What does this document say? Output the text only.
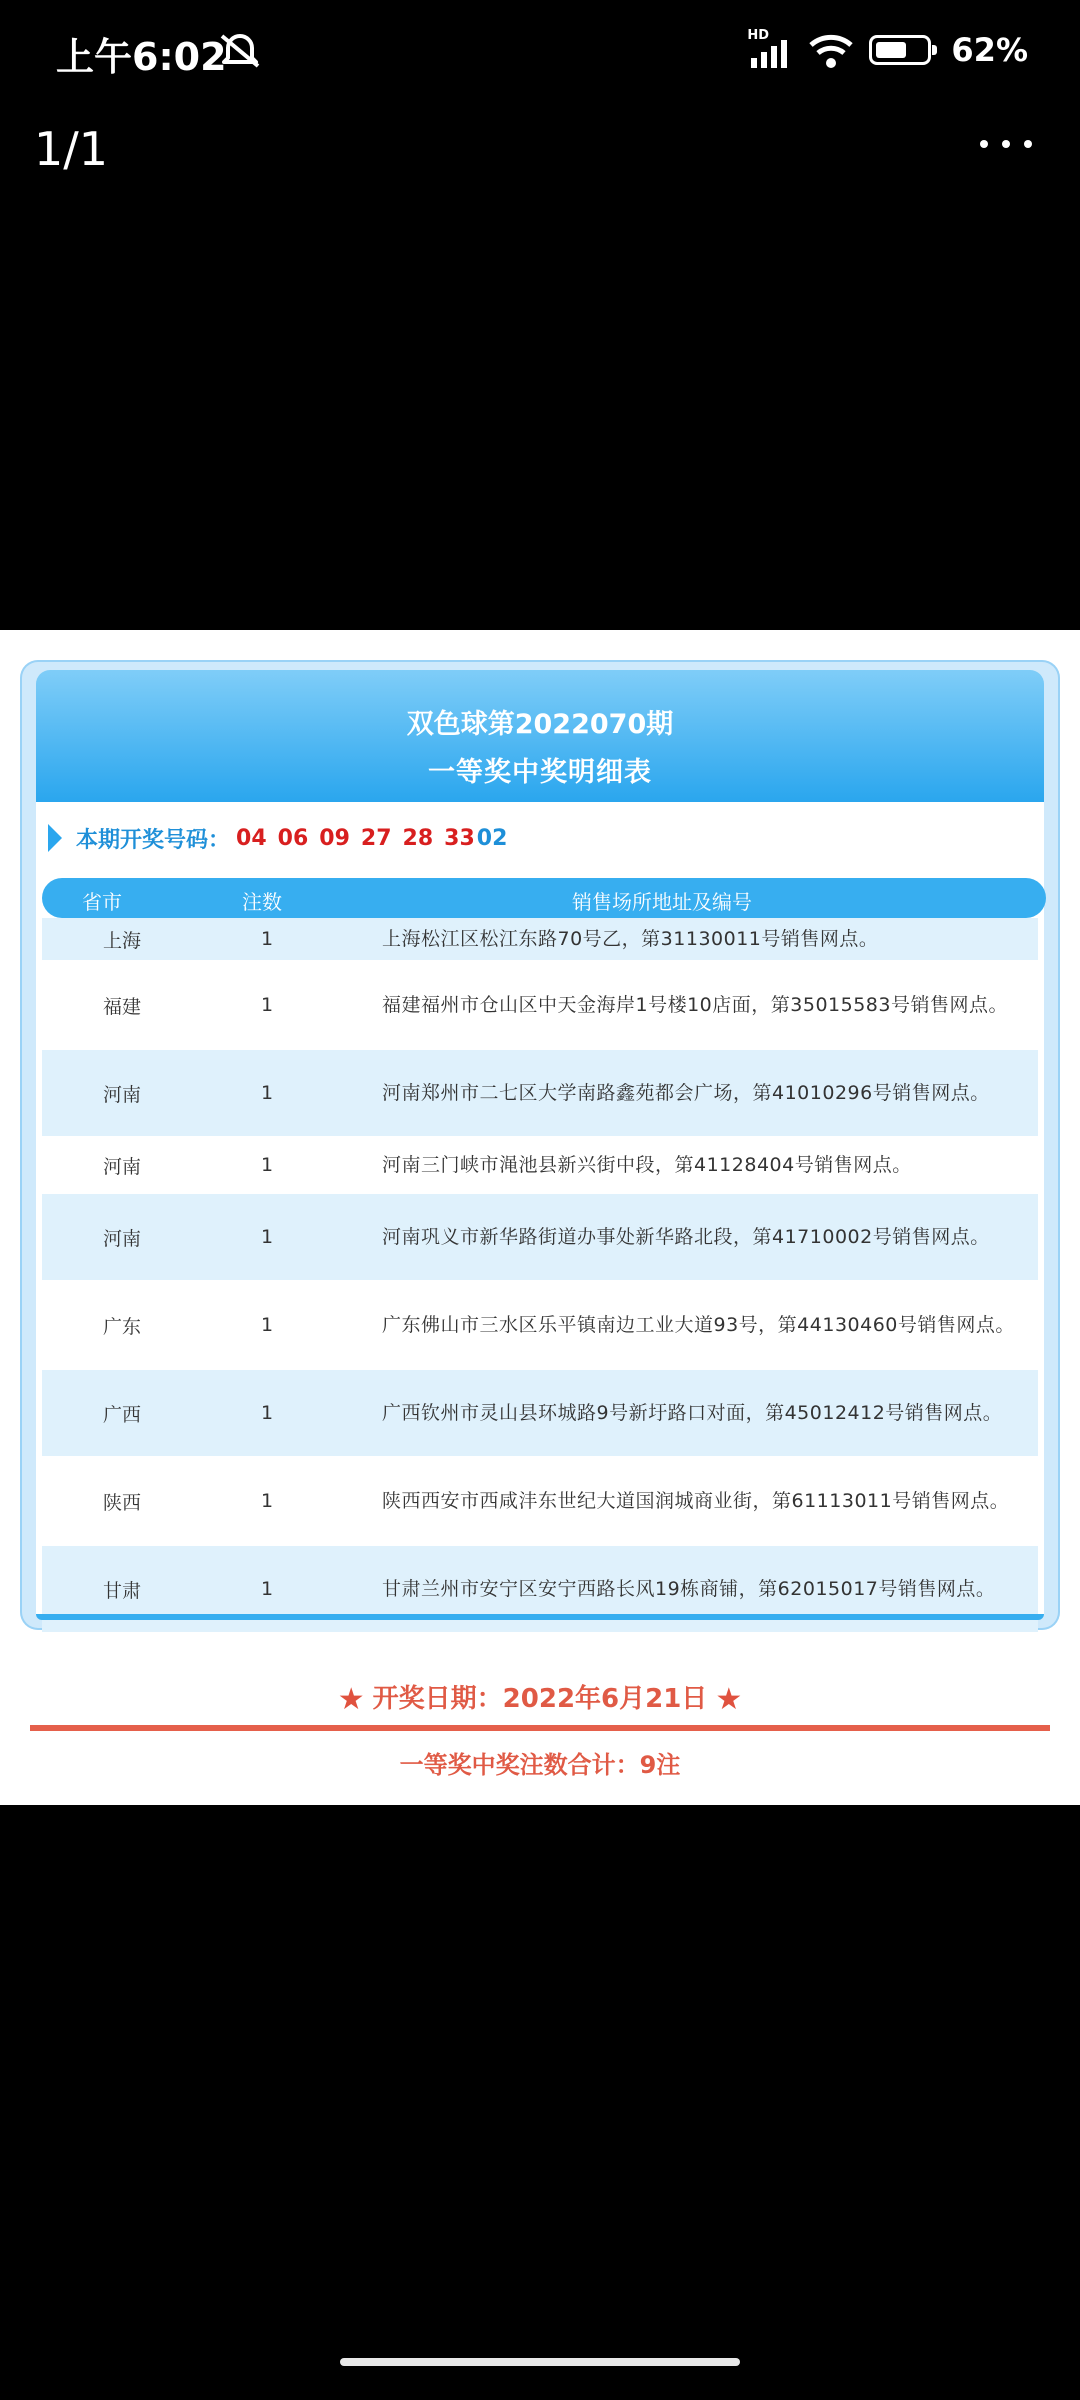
上午6:02	HD	62%
1/1
双色球第2022070期
一等奖中奖明细表
本期开奖号码： 04 06 09 27 28 33 02
省市	注数	销售场所地址及编号
上海	1	上海松江区松江东路70号乙，第31130011号销售网点。
福建	1	福建福州市仓山区中天金海岸1号楼10店面，第35015583号销售网点。
河南	1	河南郑州市二七区大学南路鑫苑都会广场，第41010296号销售网点。
河南	1	河南三门峡市渑池县新兴街中段，第41128404号销售网点。
河南	1	河南巩义市新华路街道办事处新华路北段，第41710002号销售网点。
广东	1	广东佛山市三水区乐平镇南边工业大道93号，第44130460号销售网点。
广西	1	广西钦州市灵山县环城路9号新圩路口对面，第45012412号销售网点。
陕西	1	陕西西安市西咸沣东世纪大道国润城商业街，第61113011号销售网点。
甘肃	1	甘肃兰州市安宁区安宁西路长风19栋商铺，第62015017号销售网点。
★ 开奖日期：2022年6月21日 ★
一等奖中奖注数合计：9注
